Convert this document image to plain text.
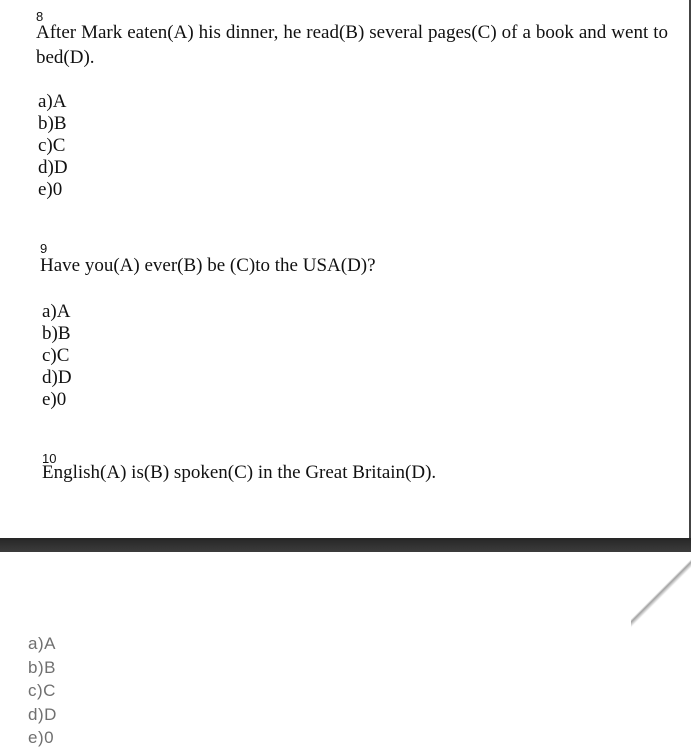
8
After Mark eaten(A) his dinner, he read(B) several pages(C) of a book and went to bed(D).
a)A
b)B
c)C
d)D
e)0
9
Have you(A) ever(B) be (C)to the USA(D)?
a)A
b)B
c)C
d)D
e)0
10
English(A) is(B) spoken(C) in the Great Britain(D).
a)A
b)B
c)C
d)D
e)0
